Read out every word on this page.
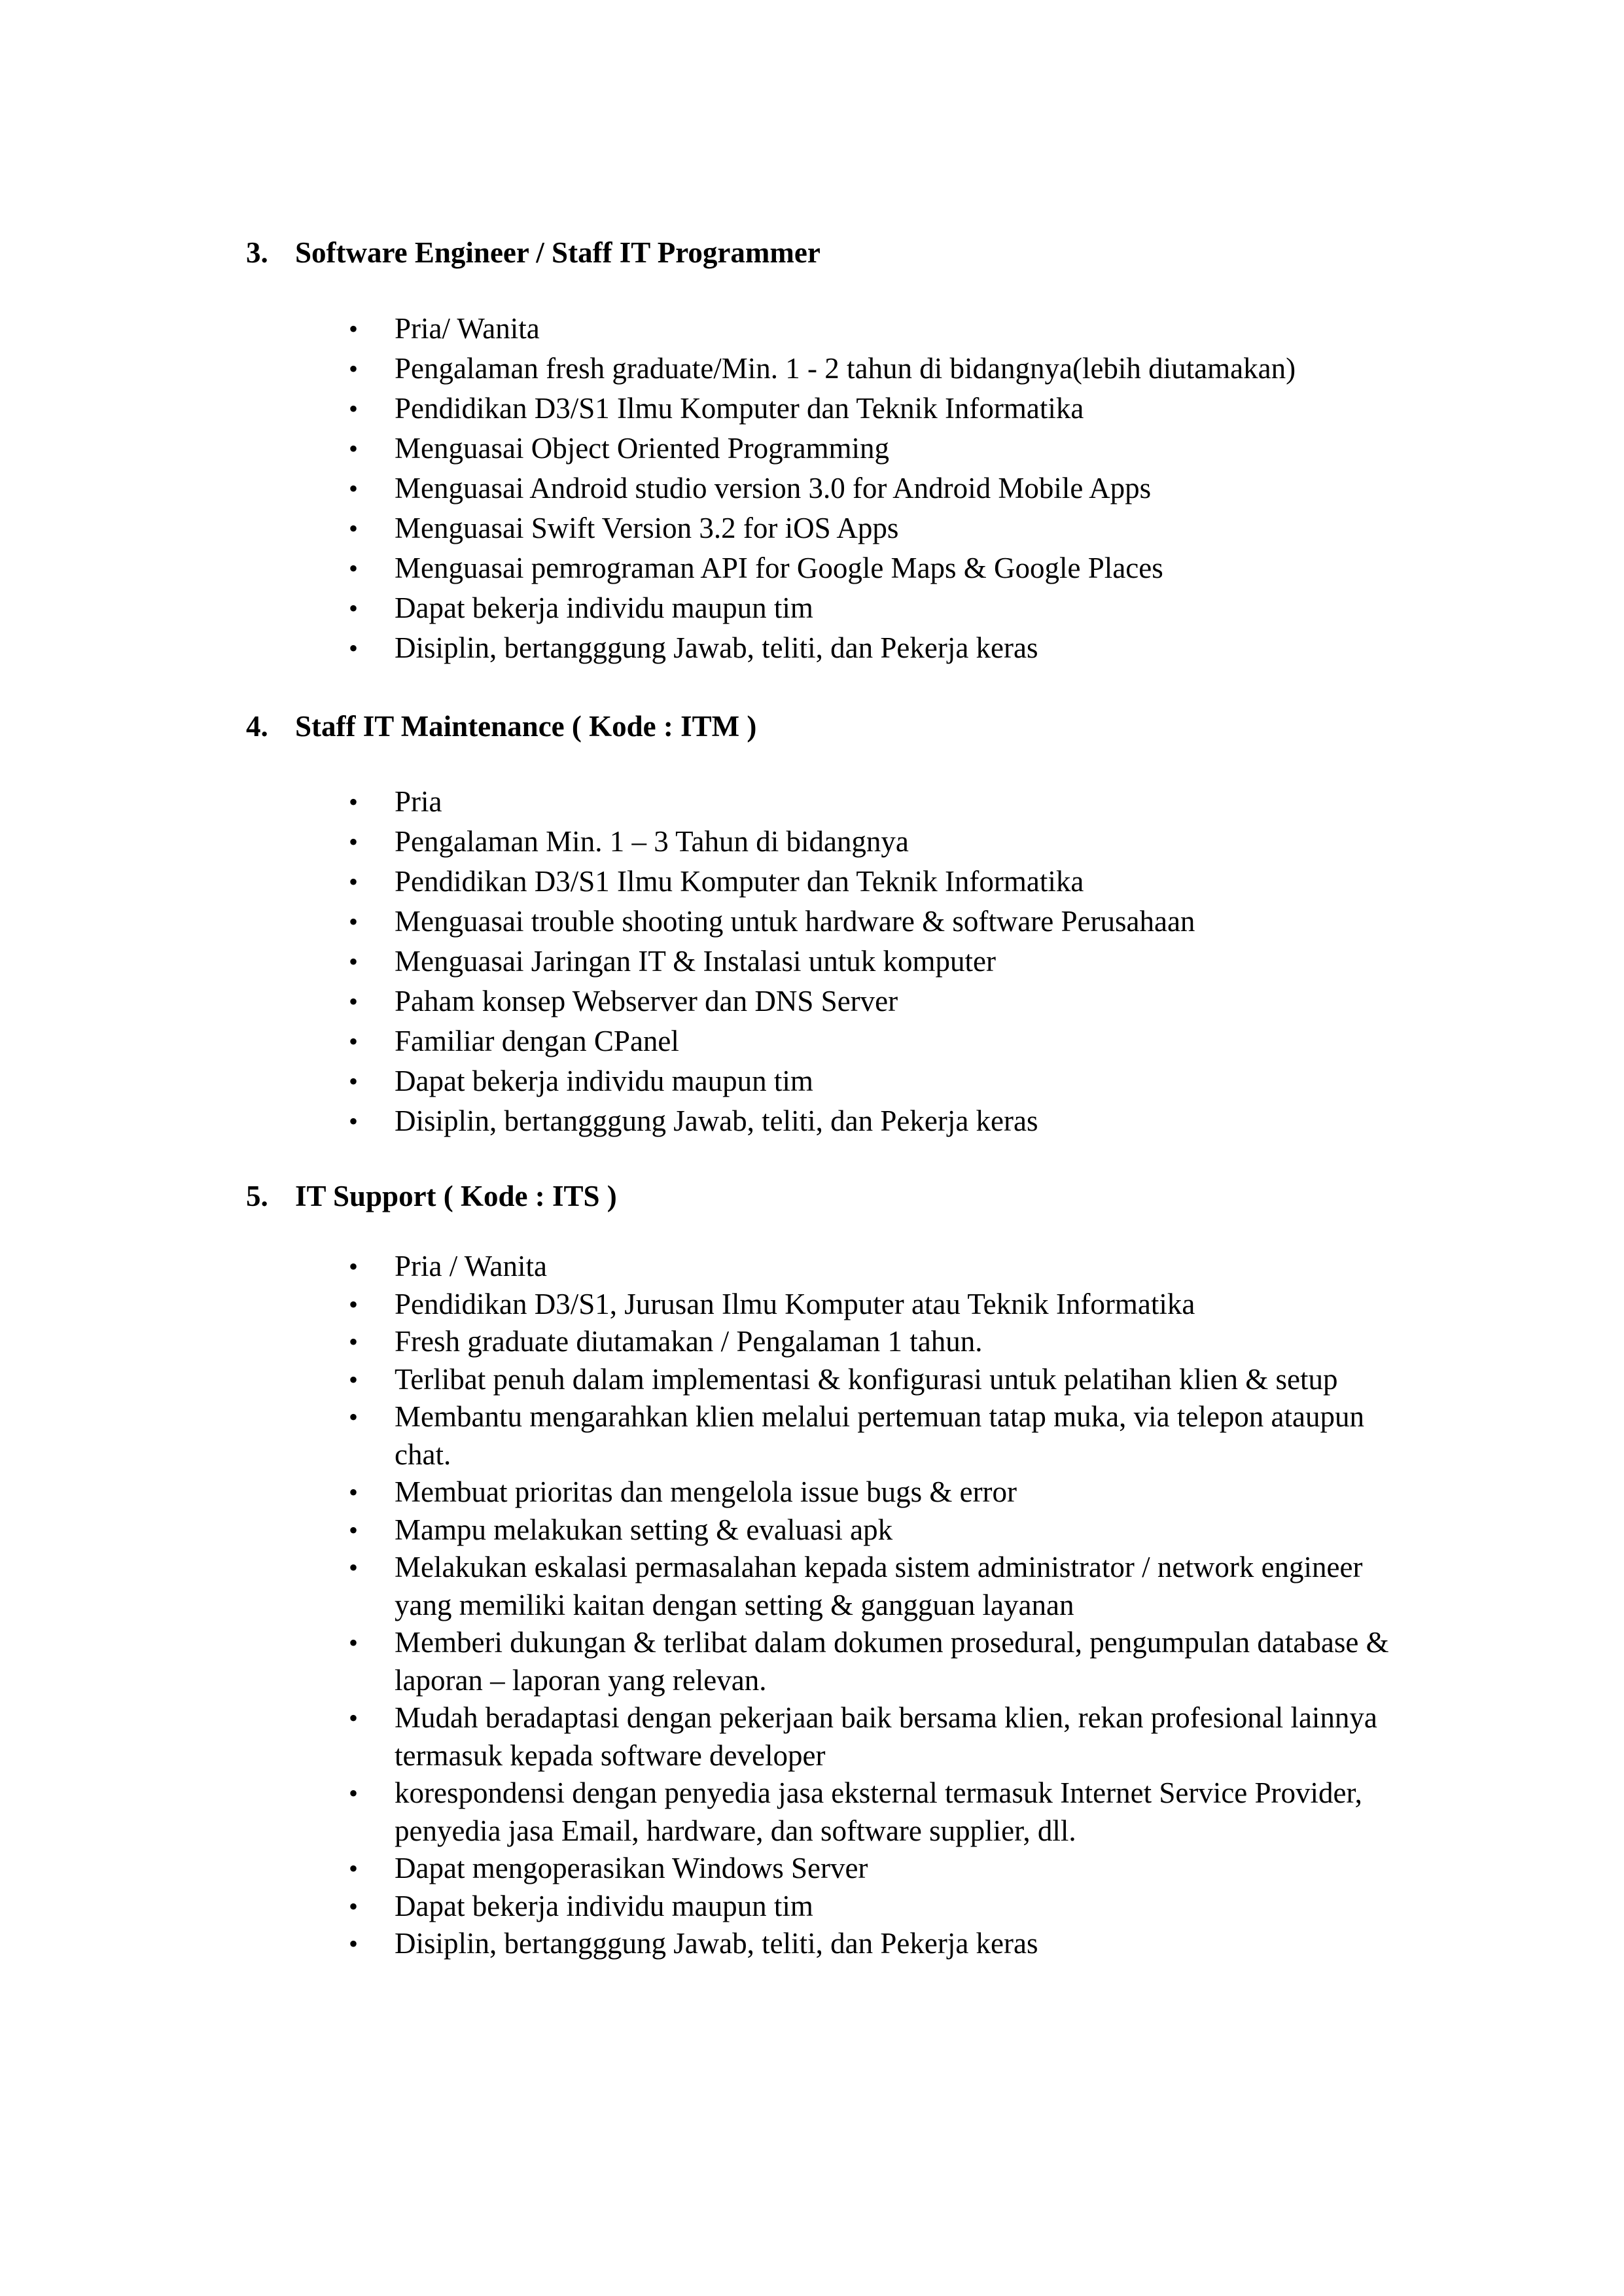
3. Software Engineer / Staff IT Programmer
•	Pria/ Wanita
•	Pengalaman fresh graduate/Min. 1 - 2 tahun di bidangnya(lebih diutamakan)
•	Pendidikan D3/S1 Ilmu Komputer dan Teknik Informatika
•	Menguasai Object Oriented Programming
•	Menguasai Android studio version 3.0 for Android Mobile Apps
•	Menguasai Swift Version 3.2 for iOS Apps
•	Menguasai pemrograman API for Google Maps & Google Places
•	Dapat bekerja individu maupun tim
•	Disiplin, bertangggung Jawab, teliti, dan Pekerja keras
4. Staff IT Maintenance ( Kode : ITM )
•	Pria
•	Pengalaman Min. 1 – 3 Tahun di bidangnya
•	Pendidikan D3/S1 Ilmu Komputer dan Teknik Informatika
•	Menguasai trouble shooting untuk hardware & software Perusahaan
•	Menguasai Jaringan IT & Instalasi untuk komputer
•	Paham konsep Webserver dan DNS Server
•	Familiar dengan CPanel
•	Dapat bekerja individu maupun tim
•	Disiplin, bertangggung Jawab, teliti, dan Pekerja keras
5. IT Support ( Kode : ITS )
•	Pria / Wanita
•	Pendidikan D3/S1, Jurusan Ilmu Komputer atau Teknik Informatika
•	Fresh graduate diutamakan / Pengalaman 1 tahun.
•	Terlibat penuh dalam implementasi & konfigurasi untuk pelatihan klien & setup
•	Membantu mengarahkan klien melalui pertemuan tatap muka, via telepon ataupun chat.
•	Membuat prioritas dan mengelola issue bugs & error
•	Mampu melakukan setting & evaluasi apk
•	Melakukan eskalasi permasalahan kepada sistem administrator / network engineer yang memiliki kaitan dengan setting & gangguan layanan
•	Memberi dukungan & terlibat dalam dokumen prosedural, pengumpulan database & laporan – laporan yang relevan.
•	Mudah beradaptasi dengan pekerjaan baik bersama klien, rekan profesional lainnya termasuk kepada software developer
•	korespondensi dengan penyedia jasa eksternal termasuk Internet Service Provider, penyedia jasa Email, hardware, dan software supplier, dll.
•	Dapat mengoperasikan Windows Server
•	Dapat bekerja individu maupun tim
•	Disiplin, bertangggung Jawab, teliti, dan Pekerja keras
